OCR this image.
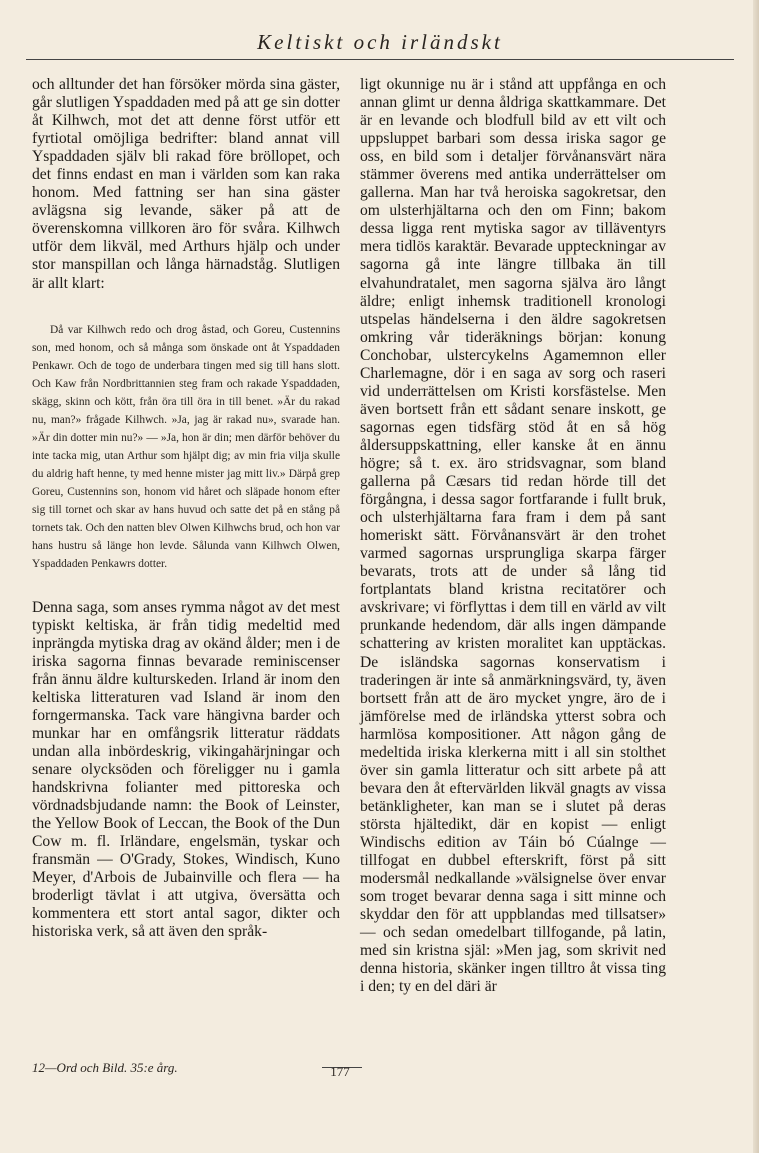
Keltiskt och irländskt

och alltunder det han försöker mörda sina gäster, går slutligen Yspaddaden med på att ge sin dotter åt Kilhwch, mot det att denne först utför ett fyrtiotal omöjliga bedrifter: bland annat vill Yspaddaden själv bli rakad före bröllopet, och det finns endast en man i världen som kan raka honom. Med fattning ser han sina gäster avlägsna sig levande, säker på att de överenskomna villkoren äro för svåra. Kilhwch utför dem likväl, med Arthurs hjälp och under stor manspillan och långa härnadståg. Slutligen är allt klart:

Då var Kilhwch redo och drog åstad, och Goreu, Custennins son, med honom, och så många som önskade ont åt Yspaddaden Penkawr. Och de togo de underbara tingen med sig till hans slott. Och Kaw från Nordbrittannien steg fram och rakade Yspaddaden, skägg, skinn och kött, från öra till öra in till benet. »Är du rakad nu, man?» frågade Kilhwch. »Ja, jag är rakad nu», svarade han. »Är din dotter min nu?» — »Ja, hon är din; men därför behöver du inte tacka mig, utan Arthur som hjälpt dig; av min fria vilja skulle du aldrig haft henne, ty med henne mister jag mitt liv.» Därpå grep Goreu, Custennins son, honom vid håret och släpade honom efter sig till tornet och skar av hans huvud och satte det på en stång på tornets tak. Och den natten blev Olwen Kilhwchs brud, och hon var hans hustru så länge hon levde. Sålunda vann Kilhwch Olwen, Yspaddaden Penkawrs dotter.

Denna saga, som anses rymma något av det mest typiskt keltiska, är från tidig medeltid med inprängda mytiska drag av okänd ålder; men i de iriska sagorna finnas bevarade reminiscenser från ännu äldre kulturskeden. Irland är inom den keltiska litteraturen vad Island är inom den forngermanska. Tack vare hängivna barder och munkar har en omfångsrik litteratur räddats undan alla inbördeskrig, vikingahärjningar och senare olycksöden och föreligger nu i gamla handskrivna folianter med pittoreska och vördnadsbjudande namn: the Book of Leinster, the Yellow Book of Leccan, the Book of the Dun Cow m. fl. Irländare, engelsmän, tyskar och fransmän — O'Grady, Stokes, Windisch, Kuno Meyer, d'Arbois de Jubainville och flera — ha broderligt tävlat i att utgiva, översätta och kommentera ett stort antal sagor, dikter och historiska verk, så att även den språk-

ligt okunnige nu är i stånd att uppfånga en och annan glimt ur denna åldriga skattkammare. Det är en levande och blodfull bild av ett vilt och uppsluppet barbari som dessa iriska sagor ge oss, en bild som i detaljer förvånansvärt nära stämmer överens med antika underrättelser om gallerna. Man har två heroiska sagokretsar, den om ulsterhjältarna och den om Finn; bakom dessa ligga rent mytiska sagor av tilläventyrs mera tidlös karaktär. Bevarade uppteckningar av sagorna gå inte längre tillbaka än till elvahundratalet, men sagorna själva äro långt äldre; enligt inhemsk traditionell kronologi utspelas händelserna i den äldre sagokretsen omkring vår tideräknings början: konung Conchobar, ulstercykelns Agamemnon eller Charlemagne, dör i en saga av sorg och raseri vid underrättelsen om Kristi korsfästelse. Men även bortsett från ett sådant senare inskott, ge sagornas egen tidsfärg stöd åt en så hög åldersuppskattning, eller kanske åt en ännu högre; så t. ex. äro stridsvagnar, som bland gallerna på Cæsars tid redan hörde till det förgångna, i dessa sagor fortfarande i fullt bruk, och ulsterhjältarna fara fram i dem på sant homeriskt sätt. Förvånansvärt är den trohet varmed sagornas ursprungliga skarpa färger bevarats, trots att de under så lång tid fortplantats bland kristna recitatörer och avskrivare; vi förflyttas i dem till en värld av vilt prunkande hedendom, där alls ingen dämpande schattering av kristen moralitet kan upptäckas. De isländska sagornas konservatism i traderingen är inte så anmärkningsvärd, ty, även bortsett från att de äro mycket yngre, äro de i jämförelse med de irländska ytterst sobra och harmlösa kompositioner. Att någon gång de medeltida iriska klerkerna mitt i all sin stolthet över sin gamla litteratur och sitt arbete på att bevara den åt eftervärlden likväl gnagts av vissa betänkligheter, kan man se i slutet på deras största hjältedikt, där en kopist — enligt Windischs edition av Táin bó Cúalnge — tillfogat en dubbel efterskrift, först på sitt modersmål nedkallande »välsignelse över envar som troget bevarar denna saga i sitt minne och skyddar den för att uppblandas med tillsatser» — och sedan omedelbart tillfogande, på latin, med sin kristna själ: »Men jag, som skrivit ned denna historia, skänker ingen tilltro åt vissa ting i den; ty en del däri är

12—Ord och Bild. 35:e årg.	177
